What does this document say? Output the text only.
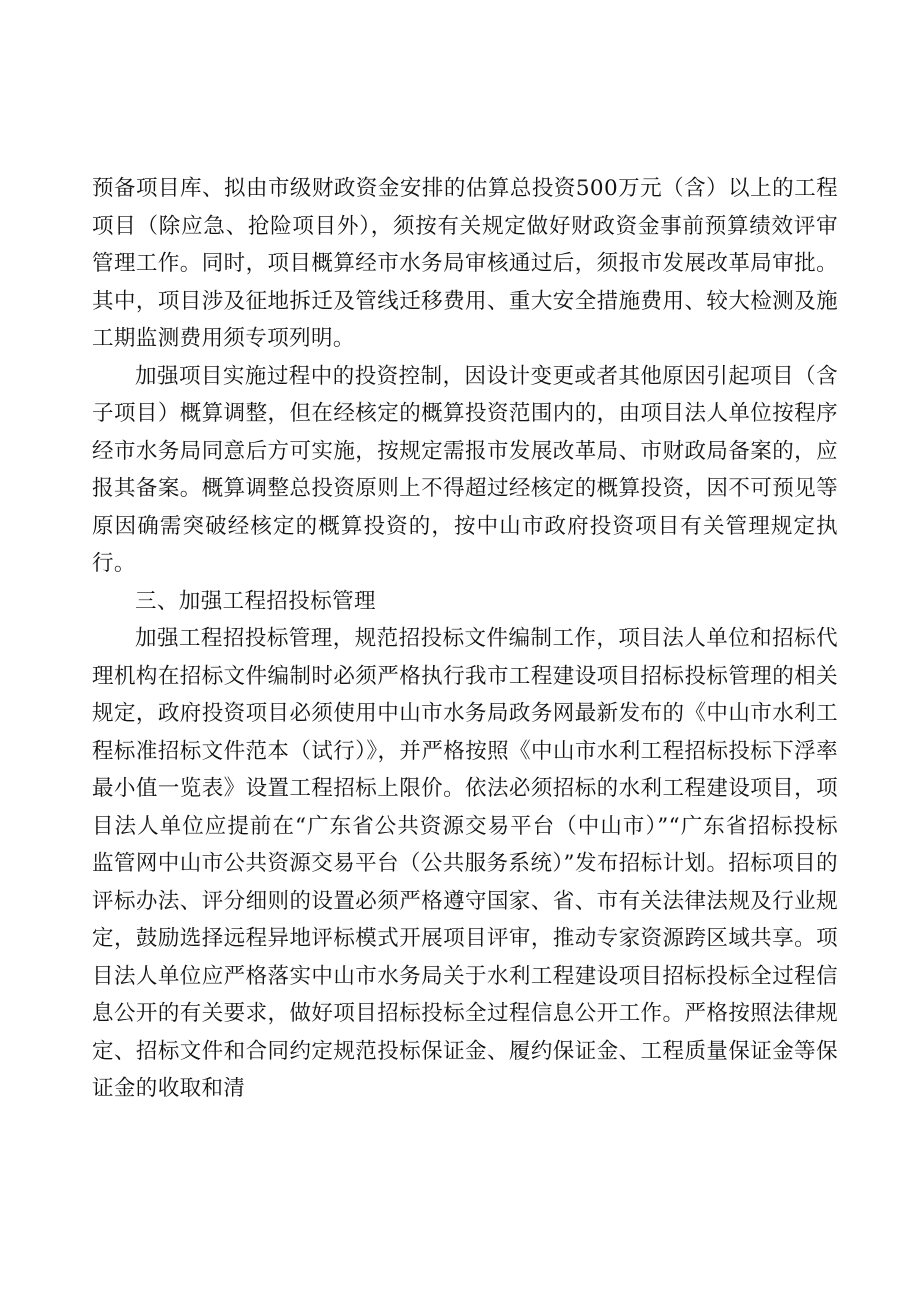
预备项目库、拟由市级财政资金安排的估算总投资500万元（含）以上的工程项目（除应急、抢险项目外），须按有关规定做好财政资金事前预算绩效评审管理工作。同时，项目概算经市水务局审核通过后，须报市发展改革局审批。其中，项目涉及征地拆迁及管线迁移费用、重大安全措施费用、较大检测及施工期监测费用须专项列明。

加强项目实施过程中的投资控制，因设计变更或者其他原因引起项目（含子项目）概算调整，但在经核定的概算投资范围内的，由项目法人单位按程序经市水务局同意后方可实施，按规定需报市发展改革局、市财政局备案的，应报其备案。概算调整总投资原则上不得超过经核定的概算投资，因不可预见等原因确需突破经核定的概算投资的，按中山市政府投资项目有关管理规定执行。

三、加强工程招投标管理

加强工程招投标管理，规范招投标文件编制工作，项目法人单位和招标代理机构在招标文件编制时必须严格执行我市工程建设项目招标投标管理的相关规定，政府投资项目必须使用中山市水务局政务网最新发布的《中山市水利工程标准招标文件范本（试行）》，并严格按照《中山市水利工程招标投标下浮率最小值一览表》设置工程招标上限价。依法必须招标的水利工程建设项目，项目法人单位应提前在“广东省公共资源交易平台（中山市）”“广东省招标投标监管网中山市公共资源交易平台（公共服务系统）”发布招标计划。招标项目的评标办法、评分细则的设置必须严格遵守国家、省、市有关法律法规及行业规定，鼓励选择远程异地评标模式开展项目评审，推动专家资源跨区域共享。项目法人单位应严格落实中山市水务局关于水利工程建设项目招标投标全过程信息公开的有关要求，做好项目招标投标全过程信息公开工作。严格按照法律规定、招标文件和合同约定规范投标保证金、履约保证金、工程质量保证金等保证金的收取和清
